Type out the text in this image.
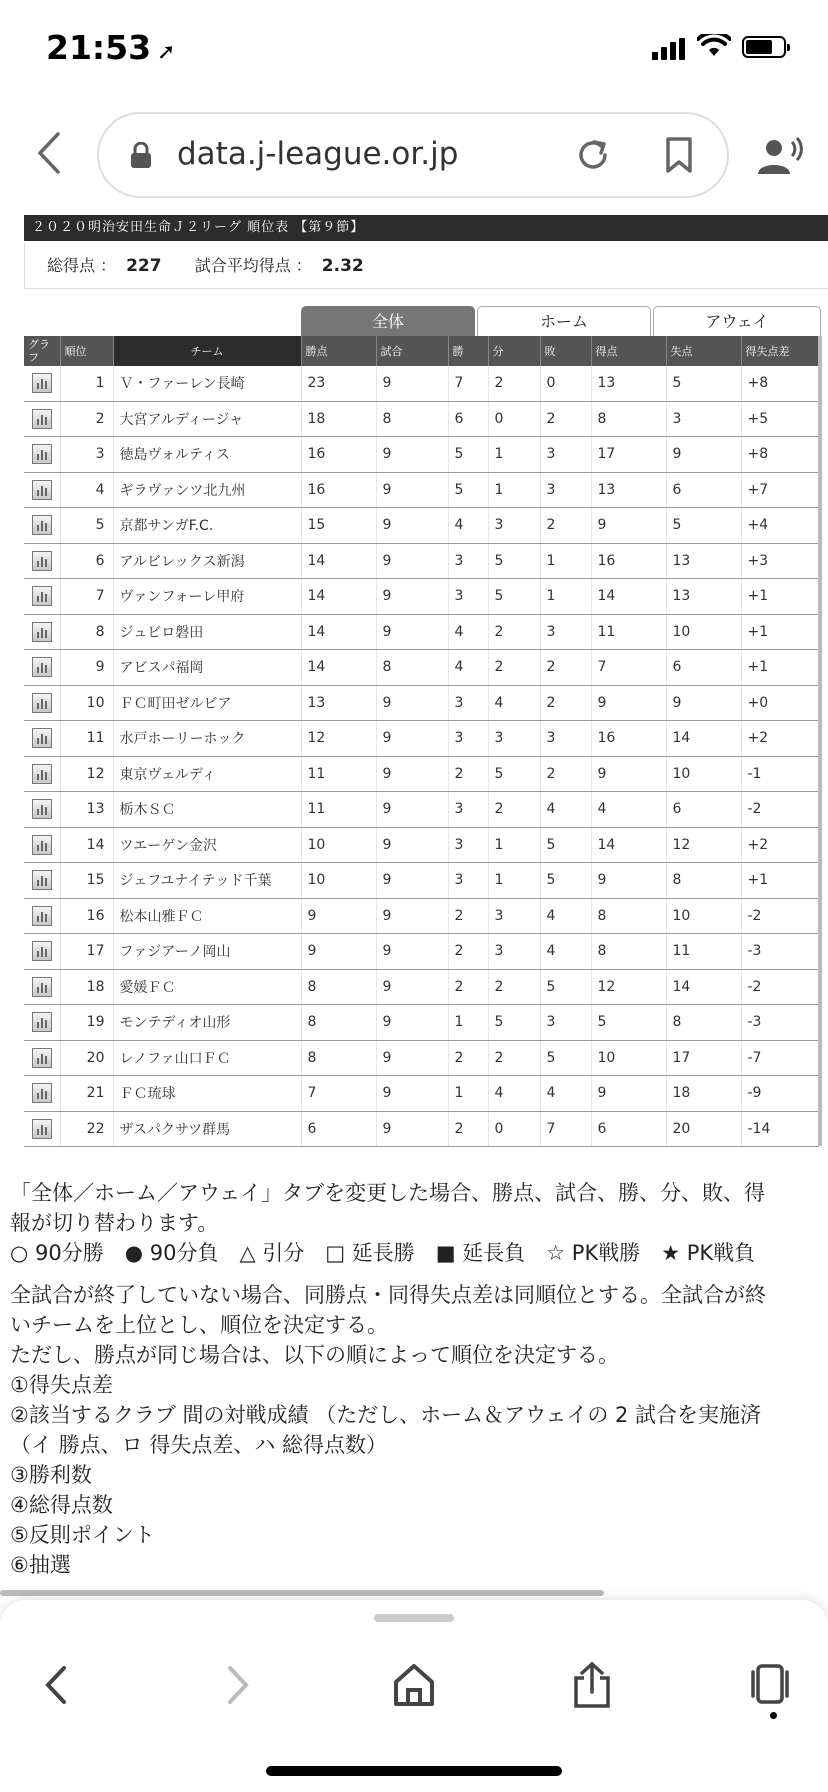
21:53 ➚
data.j-league.or.jp
２０２０明治安田生命Ｊ２リーグ 順位表 【第９節】
総得点 ： 227 試合平均得点 ： 2.32
全体	ホーム	アウェイ
グラフ	順位	チーム	勝点	試合	勝	分	敗	得点	失点	得失点差

	1	Ｖ・ファーレン長崎	23	9	7	2	0	13	5	+8

	2	大宮アルディージャ	18	8	6	0	2	8	3	+5

	3	徳島ヴォルティス	16	9	5	1	3	17	9	+8

	4	ギラヴァンツ北九州	16	9	5	1	3	13	6	+7

	5	京都サンガF.C.	15	9	4	3	2	9	5	+4

	6	アルビレックス新潟	14	9	3	5	1	16	13	+3

	7	ヴァンフォーレ甲府	14	9	3	5	1	14	13	+1

	8	ジュビロ磐田	14	9	4	2	3	11	10	+1

	9	アビスパ福岡	14	8	4	2	2	7	6	+1

	10	ＦＣ町田ゼルビア	13	9	3	4	2	9	9	+0

	11	水戸ホーリーホック	12	9	3	3	3	16	14	+2

	12	東京ヴェルディ	11	9	2	5	2	9	10	-1

	13	栃木ＳＣ	11	9	3	2	4	4	6	-2

	14	ツエーゲン金沢	10	9	3	1	5	14	12	+2

	15	ジェフユナイテッド千葉	10	9	3	1	5	9	8	+1

	16	松本山雅ＦＣ	9	9	2	3	4	8	10	-2

	17	ファジアーノ岡山	9	9	2	3	4	8	11	-3

	18	愛媛ＦＣ	8	9	2	2	5	12	14	-2

	19	モンテディオ山形	8	9	1	5	3	5	8	-3

	20	レノファ山口ＦＣ	8	9	2	2	5	10	17	-7

	21	ＦＣ琉球	7	9	1	4	4	9	18	-9

	22	ザスパクサツ群馬	6	9	2	0	7	6	20	-14

「全体／ホーム／アウェイ」タブを変更した場合、勝点、試合、勝、分、敗、得

報が切り替わります。

○ 90分勝　● 90分負　△ 引分　□ 延長勝　■ 延長負　☆ PK戦勝　★ PK戦負

全試合が終了していない場合、同勝点・同得失点差は同順位とする。全試合が終

いチームを上位とし、順位を決定する。

ただし、勝点が同じ場合は、以下の順によって順位を決定する。

①得失点差

②該当するクラブ 間の対戦成績 （ただし、ホーム＆アウェイの 2 試合を実施済

（イ 勝点、ロ 得失点差、ハ 総得点数）

③勝利数

④総得点数

⑤反則ポイント

⑥抽選
